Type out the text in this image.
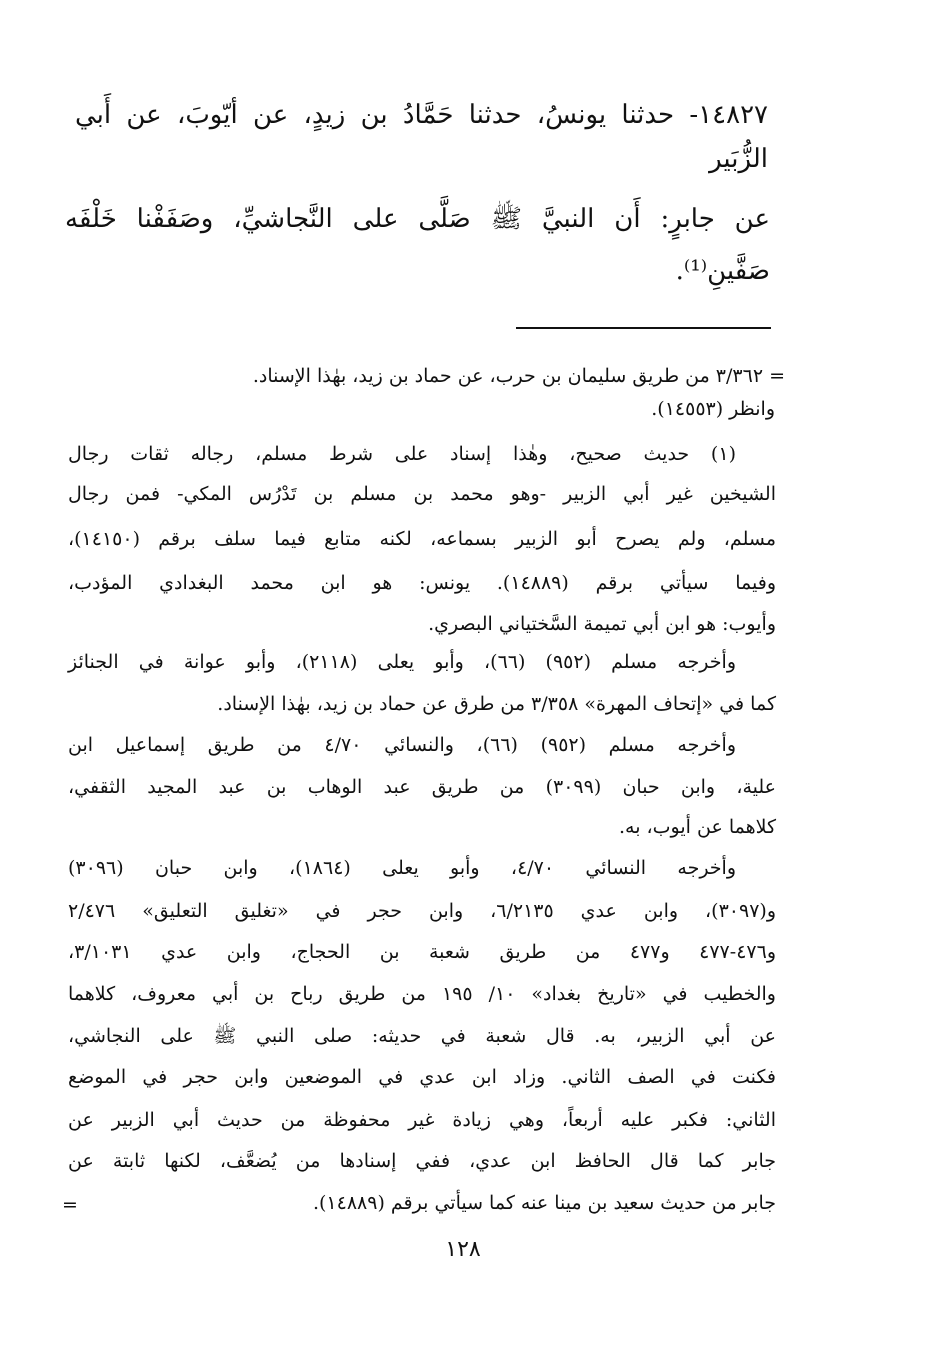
١٤٨٢٧- حدثنا يونسُ، حدثنا حَمَّادُ بن زيدٍ، عن أيّوبَ، عن أَبي
الزُّبَير
عن جابرٍ: أَن النبيَّ ﷺ صَلَّى على النَّجاشيِّ، وصَفَفْنا خَلْفَه
صَفَّينِ⁽¹⁾.
= ٣/٣٦٢ من طريق سليمان بن حرب، عن حماد بن زيد، بهٰذا الإسناد.
وانظر (١٤٥٥٣).
(١) حديث صحيح، وهٰذا إسناد على شرط مسلم، رجاله ثقات رجال
الشيخين غير أبي الزبير -وهو محمد بن مسلم بن تَدْرُس المكي- فمن رجال
مسلم، ولم يصرح أبو الزبير بسماعه، لكنه متابع فيما سلف برقم (١٤١٥٠)،
وفيما سيأتي برقم (١٤٨٨٩). يونس: هو ابن محمد البغدادي المؤدب،
وأيوب: هو ابن أبي تميمة السَّختياني البصري.
وأخرجه مسلم (٩٥٢) (٦٦)، وأبو يعلى (٢١١٨)، وأبو عوانة في الجنائز
كما في «إتحاف المهرة» ٣/٣٥٨ من طرق عن حماد بن زيد، بهٰذا الإسناد.
وأخرجه مسلم (٩٥٢) (٦٦)، والنسائي ٤/٧٠ من طريق إسماعيل ابن
علية، وابن حبان (٣٠٩٩) من طريق عبد الوهاب بن عبد المجيد الثقفي،
كلاهما عن أيوب، به.
وأخرجه النسائي ٤/٧٠، وأبو يعلى (١٨٦٤)، وابن حبان (٣٠٩٦)
و(٣٠٩٧)، وابن عدي ٦/٢١٣٥، وابن حجر في «تغليق التعليق» ٢/٤٧٦
و٤٧٦-٤٧٧ و٤٧٧ من طريق شعبة بن الحجاج، وابن عدي ٣/١٠٣١،
والخطيب في «تاريخ بغداد» ١٠/ ١٩٥ من طريق رباح بن أبي معروف، كلاهما
عن أبي الزبير، به. قال شعبة في حديثه: صلى النبي ﷺ على النجاشي،
فكنت في الصف الثاني. وزاد ابن عدي في الموضعين وابن حجر في الموضع
الثاني: فكبر عليه أربعاً، وهي زيادة غير محفوظة من حديث أبي الزبير عن
جابر كما قال الحافظ ابن عدي، ففي إسنادها من يُضعَّف، لكنها ثابتة عن
جابر من حديث سعيد بن مينا عنه كما سيأتي برقم (١٤٨٨٩).
=
١٢٨
